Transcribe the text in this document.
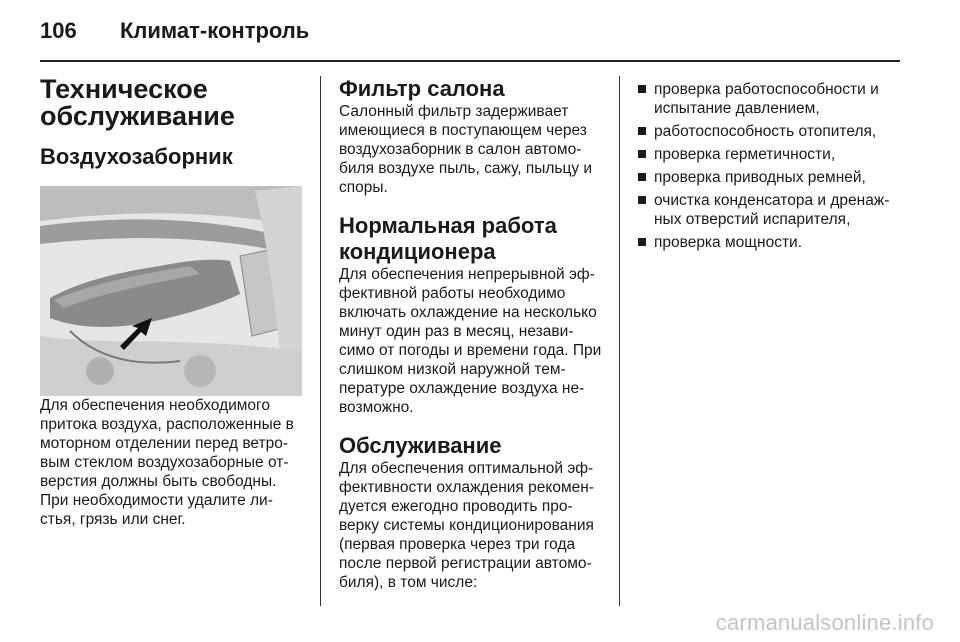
106 Климат-контроль
Техническое обслуживание
Воздухозаборник

Для обеспечения необходимого притока воздуха, расположенные в моторном отделении перед ветро-вым стеклом воздухозаборные от-верстия должны быть свободны. При необходимости удалите ли-стья, грязь или снег.

Фильтр салона

Салонный фильтр задерживает имеющиеся в поступающем через воздухозаборник в салон автомо-биля воздухе пыль, сажу, пыльцу и споры.

Нормальная работа кондиционера

Для обеспечения непрерывной эф-фективной работы необходимо включать охлаждение на несколько минут один раз в месяц, незави-симо от погоды и времени года. При слишком низкой наружной тем-пературе охлаждение воздуха не-возможно.

Обслуживание

Для обеспечения оптимальной эф-фективности охлаждения рекомен-дуется ежегодно проводить про-верку системы кондиционирования (первая проверка через три года после первой регистрации автомо-биля), в том числе:

проверка работоспособности и испытание давлением,
работоспособность отопителя,
проверка герметичности,
проверка приводных ремней,
очистка конденсатора и дренаж-ных отверстий испарителя,
проверка мощности.
carmanualsonline.info
